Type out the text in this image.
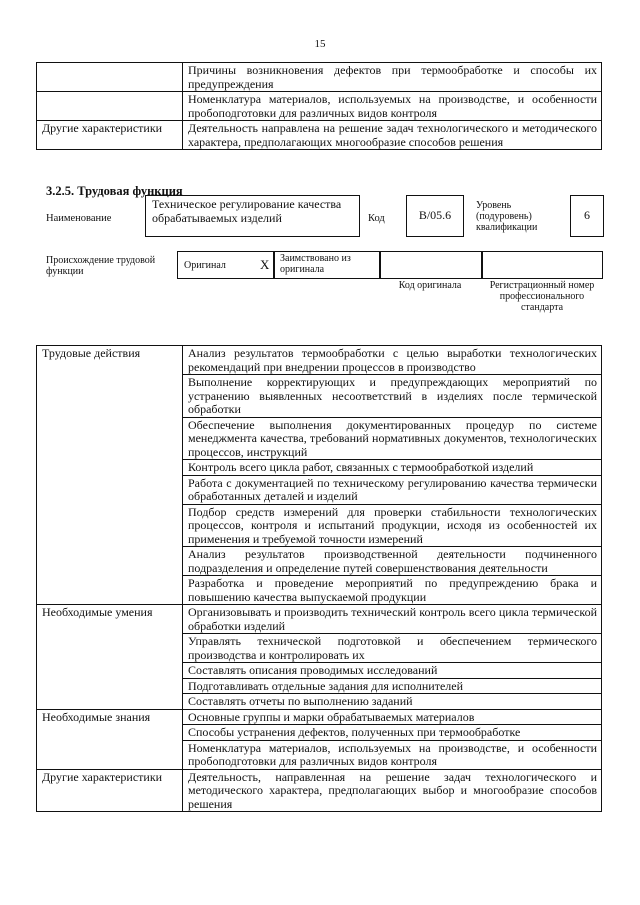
15
	Причины возникновения дефектов при термообработке и способы их предупреждения
	Номенклатура материалов, используемых на производстве, и особенности пробоподготовки для различных видов контроля
Другие характеристики	Деятельность направлена на решение задач технологического и методического характера, предполагающих многообразие способов решения
3.2.5. Трудовая функция
Наименование
Техническое регулирование качества обрабатываемых изделий	Код	B/05.6
Уровень (подуровень) квалификации
6
Происхождение трудовой функции
Оригинал	X	Заимствовано из оригинала
Код оригинала	Регистрационный номер профессионального стандарта
Трудовые действия	Анализ результатов термообработки с целью выработки технологических рекомендаций при внедрении процессов в производство
	Выполнение корректирующих и предупреждающих мероприятий по устранению выявленных несоответствий в изделиях после термической обработки
	Обеспечение выполнения документированных процедур по системе менеджмента качества, требований нормативных документов, технологических процессов, инструкций
	Контроль всего цикла работ, связанных с термообработкой изделий
	Работа с документацией по техническому регулированию качества термически обработанных деталей и изделий
	Подбор средств измерений для проверки стабильности технологических процессов, контроля и испытаний продукции, исходя из особенностей их применения и требуемой точности измерений
	Анализ результатов производственной деятельности подчиненного подразделения и определение путей совершенствования деятельности
	Разработка и проведение мероприятий по предупреждению брака и повышению качества выпускаемой продукции
Необходимые умения	Организовывать и производить технический контроль всего цикла термической обработки изделий
	Управлять технической подготовкой и обеспечением термического производства и контролировать их
	Составлять описания проводимых исследований
	Подготавливать отдельные задания для исполнителей
	Составлять отчеты по выполнению заданий
Необходимые знания	Основные группы и марки обрабатываемых материалов
	Способы устранения дефектов, полученных при термообработке
	Номенклатура материалов, используемых на производстве, и особенности пробоподготовки для различных видов контроля
Другие характеристики	Деятельность, направленная на решение задач технологического и методического характера, предполагающих выбор и многообразие способов решения
